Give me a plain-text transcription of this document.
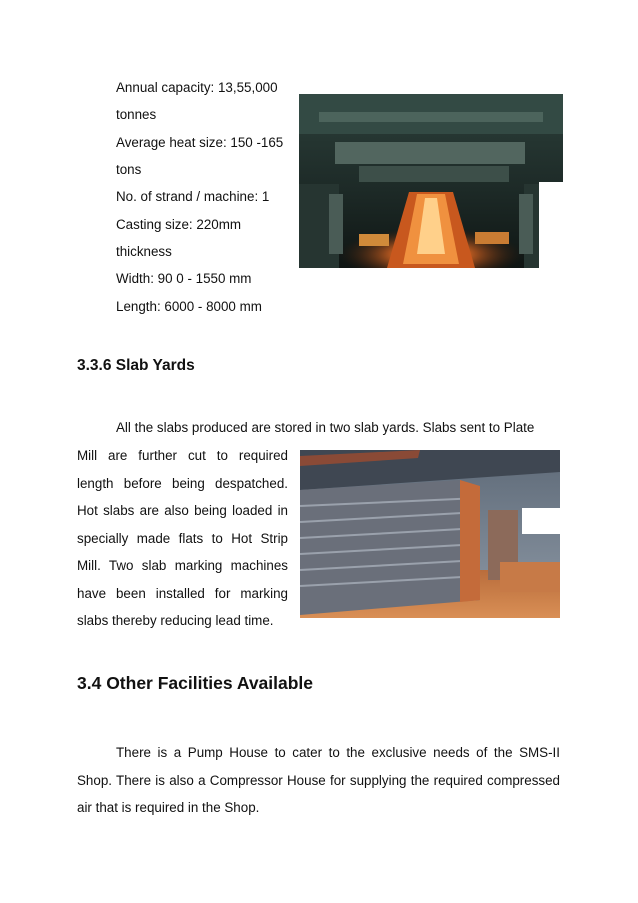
Annual capacity: 13,55,000
tonnes
Average heat size: 150 -165
tons
No. of strand / machine: 1
Casting size: 220mm
thickness
Width: 90 0 - 1550 mm
Length: 6000 - 8000 mm
3.3.6 Slab Yards
All the slabs produced are stored in two slab yards. Slabs sent to Plate
Mill are further cut to required
length before being despatched.
Hot slabs are also being loaded in
specially made flats to Hot Strip
Mill. Two slab marking machines
have been installed for marking
slabs thereby reducing lead time.
3.4 Other Facilities Available
There is a Pump House to cater to the exclusive needs of the SMS-II
Shop. There is also a Compressor House for supplying the required compressed
air that is required in the Shop.
